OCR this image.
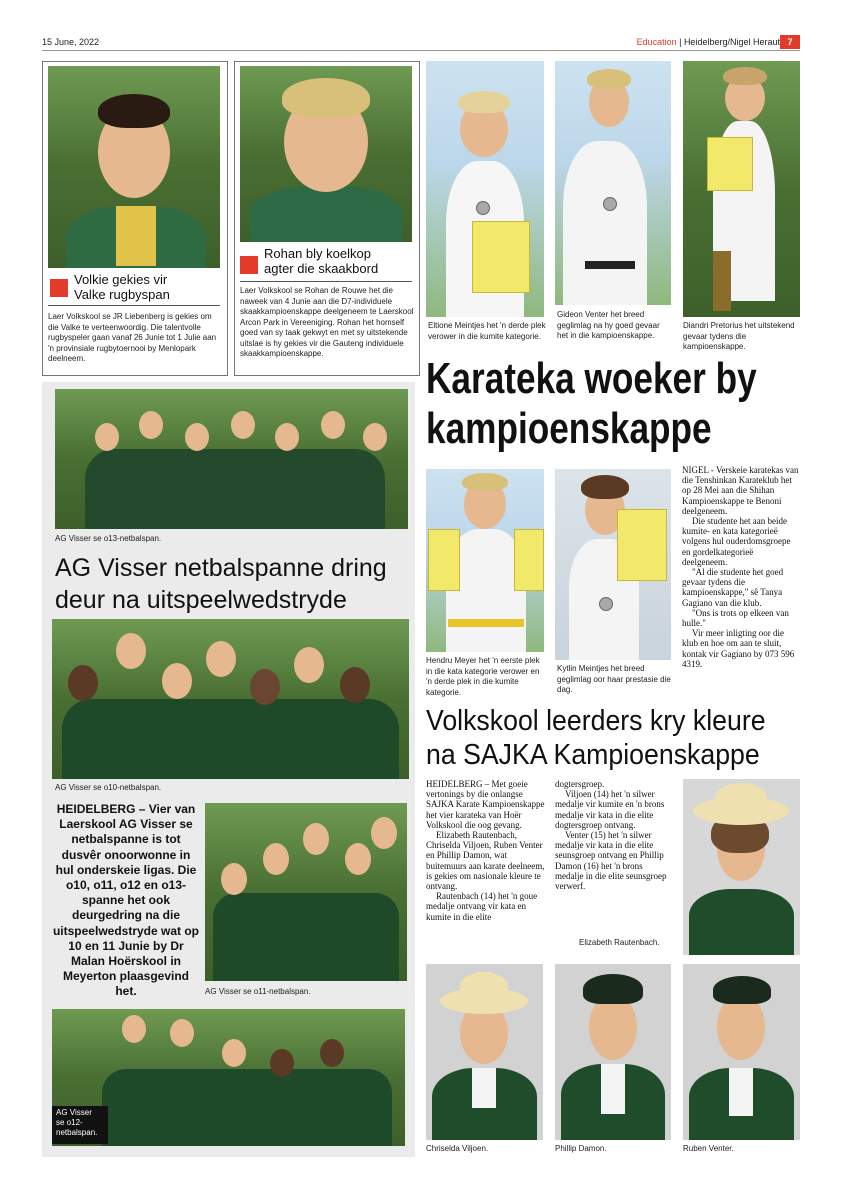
15 June, 2022	Education | Heidelberg/Nigel Heraut 7
Volkie gekies vir
Valke rugbyspan
Laer Volkskool se JR Liebenberg is gekies om die Valke te verteenwoordig. Die talentvolle rugbyspeler gaan vanaf 26 Junie tot 1 Julie aan 'n provinsiale rugbytoernooi by Menlopark deelneem.
Rohan bly koelkop
agter die skaakbord
Laer Volkskool se Rohan de Rouwe het die naweek van 4 Junie aan die D7-individuele skaakkampioenskappe deelgeneem te Laerskool Arcon Park in Vereeniging. Rohan het homself goed van sy taak gekwyt en met sy uitstekende uitslae is hy gekies vir die Gauteng individuele skaakkampioenskappe.
Eltione Meintjes het 'n derde plek verower in die kumite kategorie.
Gideon Venter het breed geglimlag na hy goed gevaar het in die kampioenskappe.
Diandri Pretorius het uitstekend gevaar tydens die kampioenskappe.
Karateka woeker by
kampioenskappe
Hendru Meyer het 'n eerste plek in die kata kategorie verower en 'n derde plek in die kumite kategorie.
Kytlin Meintjes het breed geglimlag oor haar prestasie die dag.
NIGEL - Verskeie karatekas van die Tenshinkan Karateklub het op 28 Mei aan die Shihan Kampioenskappe te Benoni deelgeneem.
Die studente het aan beide kumite- en kata kategorieë volgens hul ouderdomsgroepe en gordelkategorieë deelgeneem.
"Al die studente het goed gevaar tydens die kampioenskappe," sê Tanya Gagiano van die klub.
"Ons is trots op elkeen van hulle."
Vir meer inligting oor die klub en hoe om aan te sluit, kontak vir Gagiano by 073 596 4319.
AG Visser se o13-netbalspan.
AG Visser netbalspanne dring
deur na uitspeelwedstryde
AG Visser se o10-netbalspan.
HEIDELBERG – Vier van Laerskool AG Visser se netbalspanne is tot dusvêr onoorwonne in hul onderskeie ligas. Die o10, o11, o12 en o13-spanne het ook deurgedring na die uitspeelwedstryde wat op 10 en 11 Junie by Dr Malan Hoërskool in Meyerton plaasgevind het.	AG Visser se o11-netbalspan.
AG Visser
se o12-
netbalspan.
Volkskool leerders kry kleure
na SAJKA Kampioenskappe
HEIDELBERG – Met goeie vertonings by die onlangse SAJKA Karate Kampioenskappe het vier karateka van Hoër Volkskool die oog gevang.
Elizabeth Rautenbach, Chriselda Viljoen, Ruben Venter en Phillip Damon, wat buitemuurs aan karate deelneem, is gekies om nasionale kleure te ontvang.
Rautenbach (14) het 'n goue medalje ontvang vir kata en kumite in die elite
dogtersgroep.
Viljoen (14) het 'n silwer medalje vir kumite en 'n brons medalje vir kata in die elite dogtersgroep ontvang.
Venter (15) het 'n silwer medalje vir kata in die elite seunsgroep ontvang en Phillip Damon (16) het 'n brons medalje in die elite seunsgroep verwerf.
Elizabeth Rautenbach.
Chriselda Viljoen.	Phillip Damon.	Ruben Venter.
